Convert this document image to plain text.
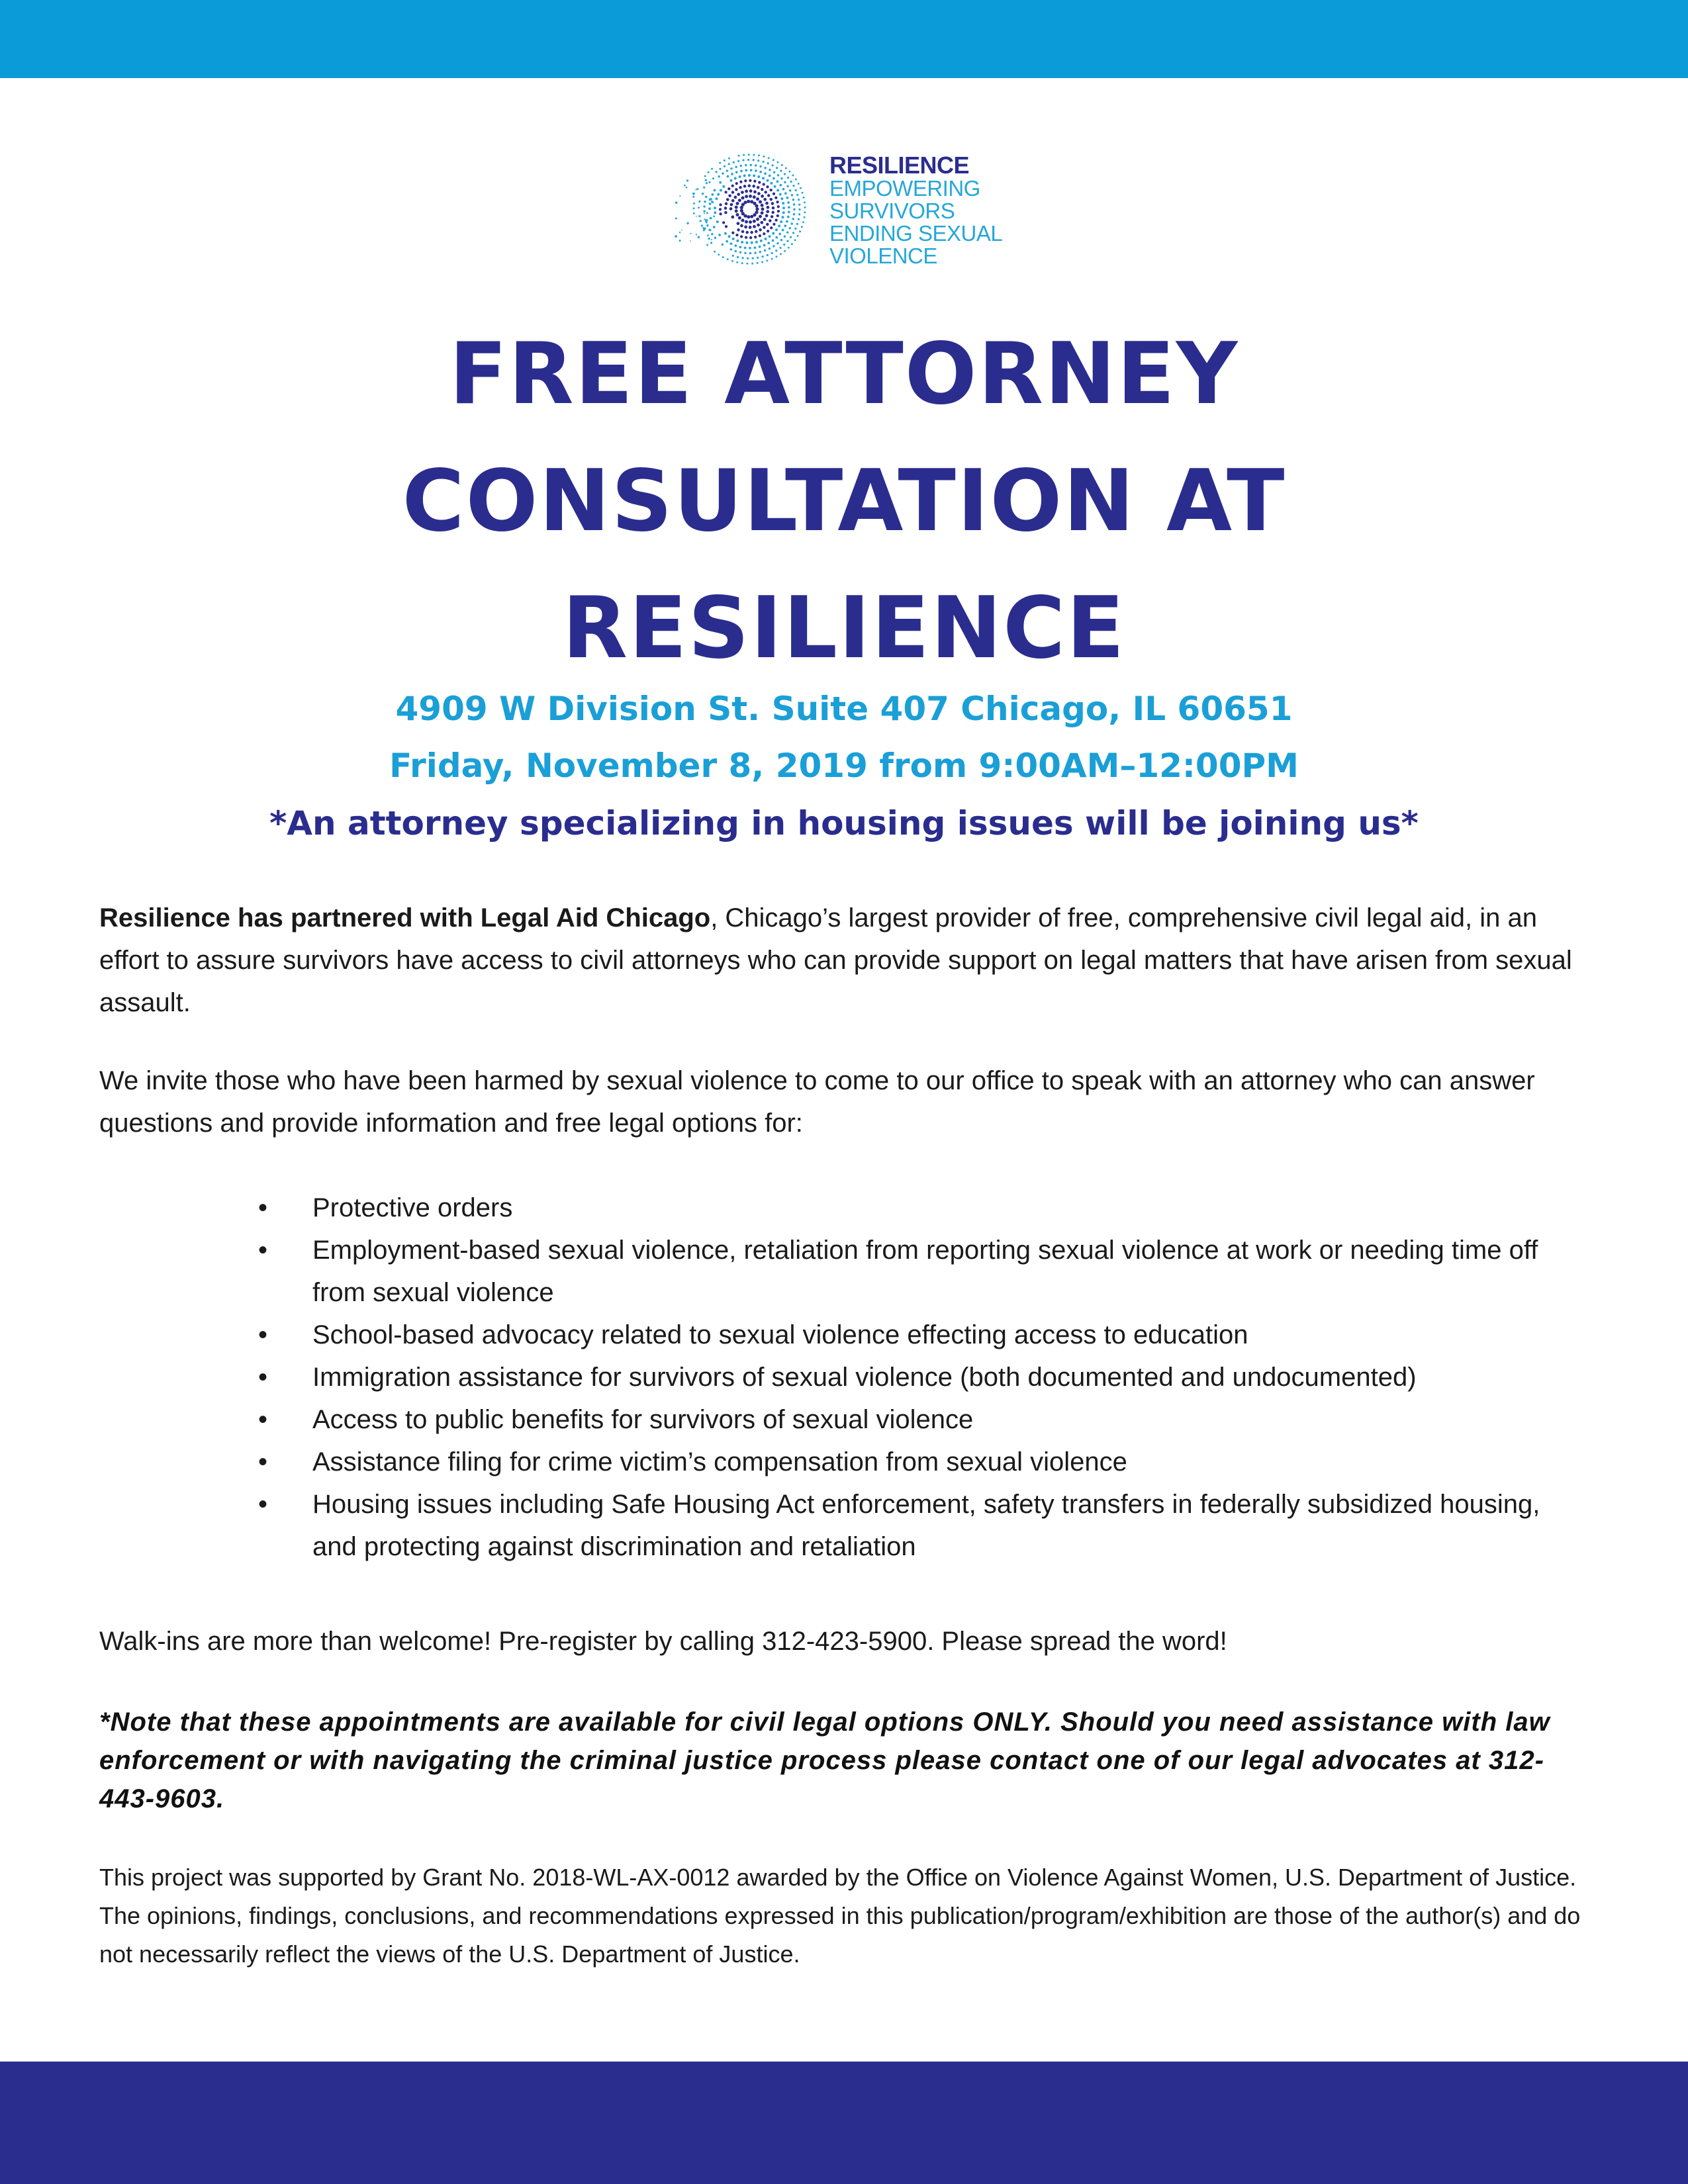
RESILIENCE
EMPOWERING
SURVIVORS
ENDING SEXUAL
VIOLENCE
FREE ATTORNEY
CONSULTATION AT
RESILIENCE

4909 W Division St. Suite 407 Chicago, IL 60651

Friday, November 8, 2019 from 9:00AM–12:00PM

*An attorney specializing in housing issues will be joining us*

Resilience has partnered with Legal Aid Chicago, Chicago’s largest provider of free, comprehensive civil legal aid, in an effort to assure survivors have access to civil attorneys who can provide support on legal matters that have arisen from sexual assault.

We invite those who have been harmed by sexual violence to come to our office to speak with an attorney who can answer questions and provide information and free legal options for:

• Protective orders
• Employment-based sexual violence, retaliation from reporting sexual violence at work or needing time off from sexual violence
• School-based advocacy related to sexual violence effecting access to education
• Immigration assistance for survivors of sexual violence (both documented and undocumented)
• Access to public benefits for survivors of sexual violence
• Assistance filing for crime victim’s compensation from sexual violence
• Housing issues including Safe Housing Act enforcement, safety transfers in federally subsidized housing, and protecting against discrimination and retaliation

Walk-ins are more than welcome! Pre-register by calling 312-423-5900. Please spread the word!

*Note that these appointments are available for civil legal options ONLY. Should you need assistance with law enforcement or with navigating the criminal justice process please contact one of our legal advocates at 312-443-9603.

This project was supported by Grant No. 2018-WL-AX-0012 awarded by the Office on Violence Against Women, U.S. Department of Justice. The opinions, findings, conclusions, and recommendations expressed in this publication/program/exhibition are those of the author(s) and do not necessarily reflect the views of the U.S. Department of Justice.
